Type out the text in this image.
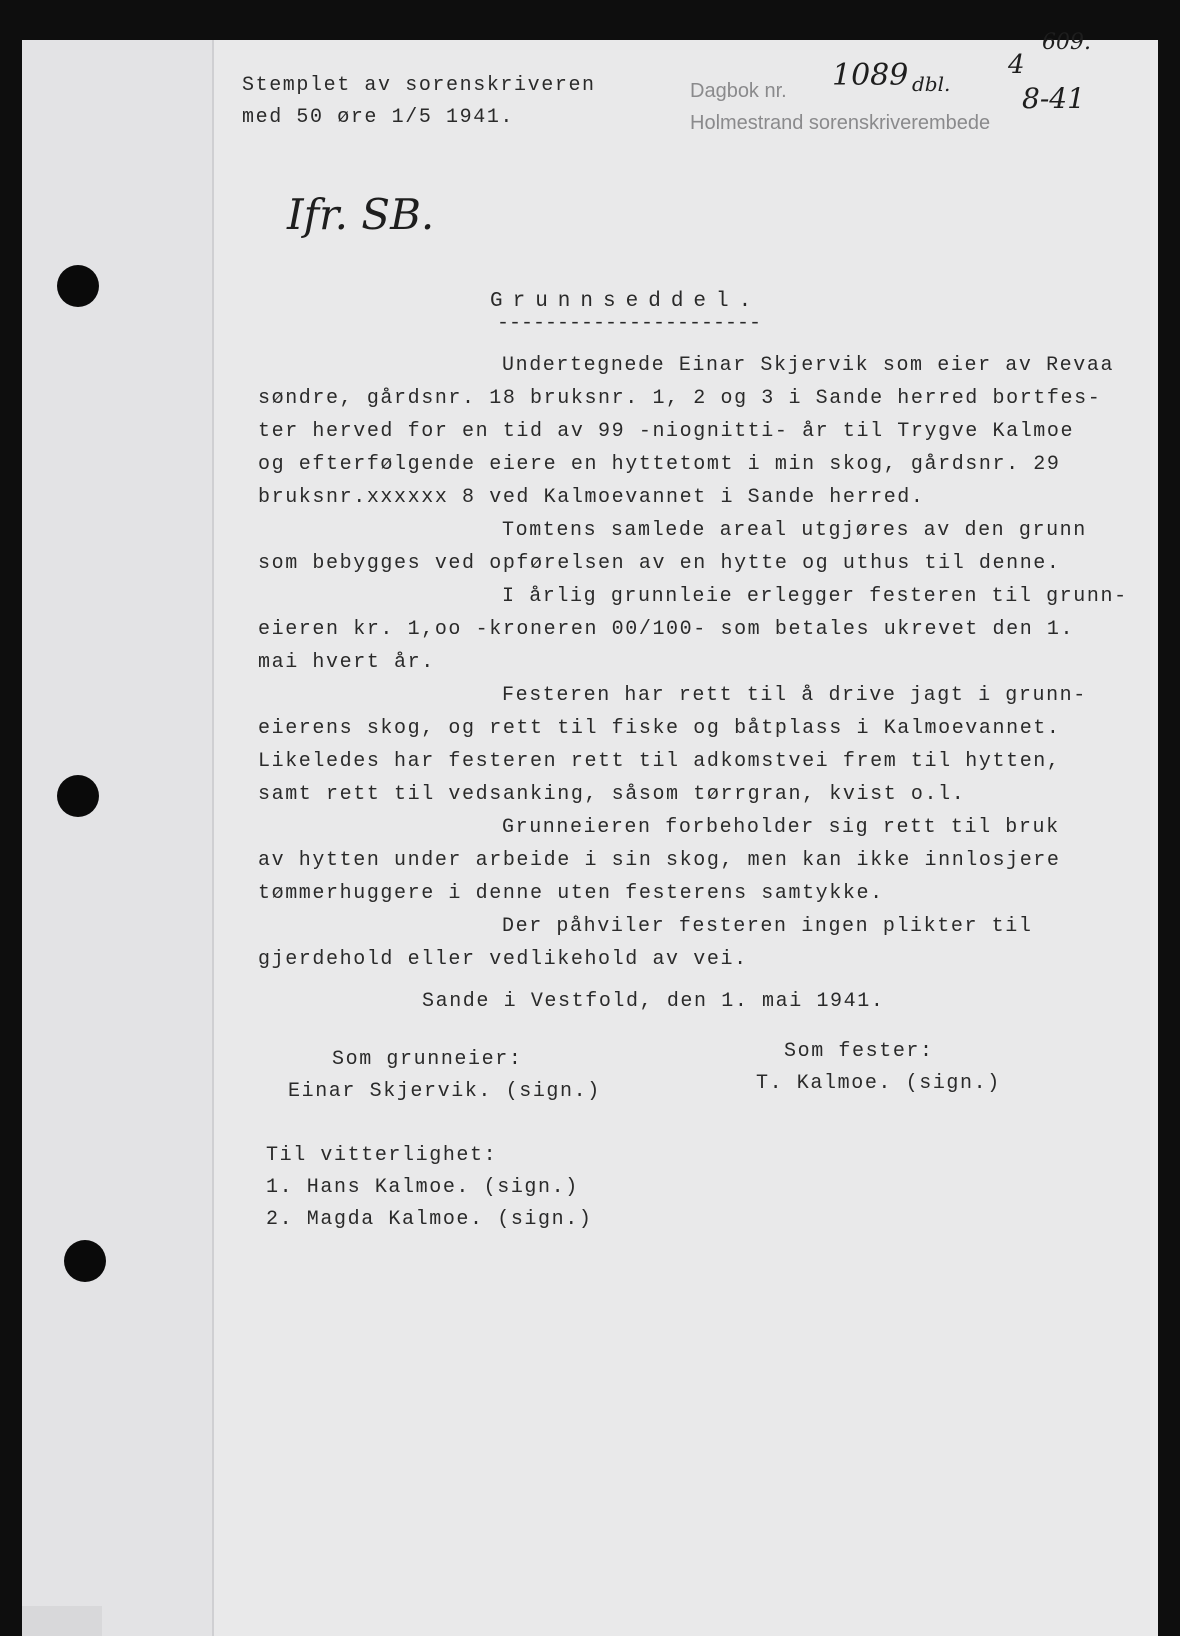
Stemplet av sorenskriveren
med 50 øre 1/5 1941.
Dagbok nr. 1089 dbl.
Holmestrand sorenskriverembede
4
8-41
609.
Ifr. SB.
Grunnseddel.
----------------------
Undertegnede Einar Skjervik som eier av Revaa
søndre, gårdsnr. 18 bruksnr. 1, 2 og 3 i Sande herred bortfes-
ter herved for en tid av 99 -niognitti- år til Trygve Kalmoe
og efterfølgende eiere en hyttetomt i min skog, gårdsnr. 29
bruksnr.xxxxxx 8 ved Kalmoevannet i Sande herred.
Tomtens samlede areal utgjøres av den grunn
som bebygges ved opførelsen av en hytte og uthus til denne.
I årlig grunnleie erlegger festeren til grunn-
eieren kr. 1,oo -kroneren 00/100- som betales ukrevet den 1.
mai hvert år.
Festeren har rett til å drive jagt i grunn-
eierens skog, og rett til fiske og båtplass i Kalmoevannet.
Likeledes har festeren rett til adkomstvei frem til hytten,
samt rett til vedsanking, såsom tørrgran, kvist o.l.
Grunneieren forbeholder sig rett til bruk
av hytten under arbeide i sin skog, men kan ikke innlosjere
tømmerhuggere i denne uten festerens samtykke.
Der påhviler festeren ingen plikter til
gjerdehold eller vedlikehold av vei.
Sande i Vestfold, den 1. mai 1941.
Som grunneier:
Einar Skjervik. (sign.)
Som fester:
T. Kalmoe. (sign.)
Til vitterlighet:
1. Hans Kalmoe. (sign.)
2. Magda Kalmoe. (sign.)
